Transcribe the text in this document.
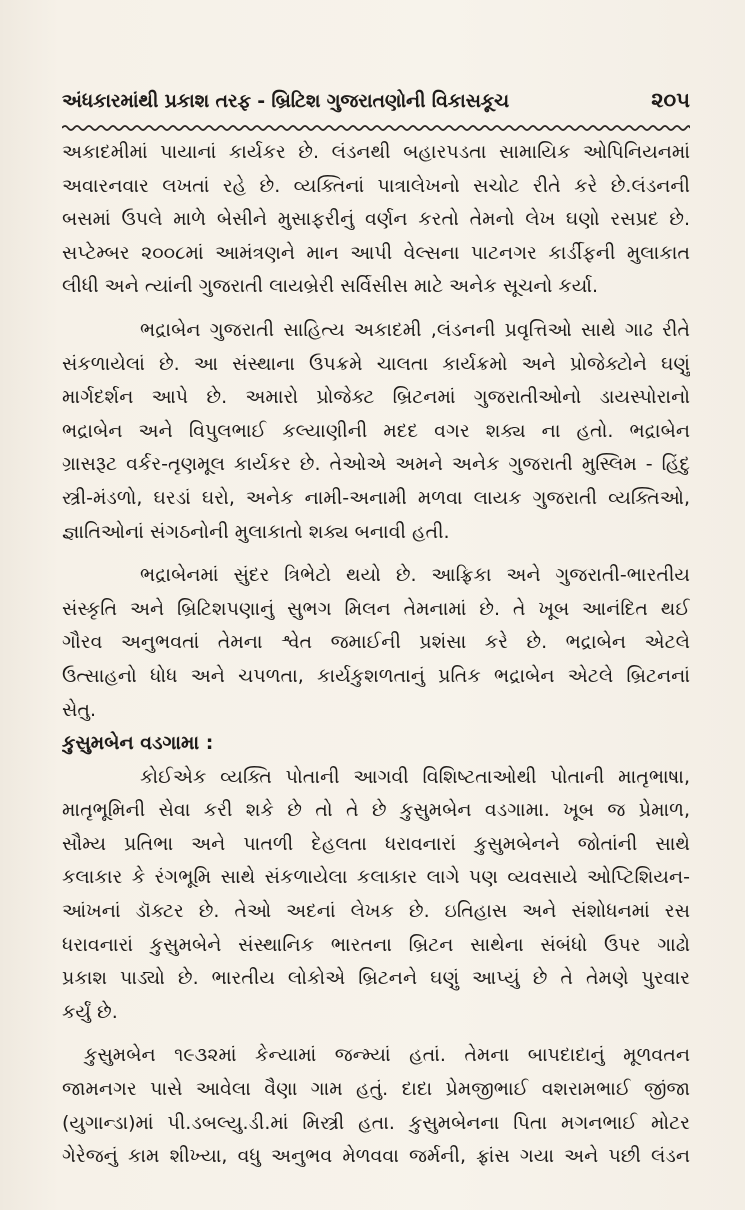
અંધકારમાંથી પ્રકાશ તરફ - બ્રિટિશ ગુજરાતણોની વિકાસકૂચ	૨૦૫

અકાદમીમાં પાયાનાં કાર્યકર છે. લંડનથી બહારપડતા સામાયિક ઓપિનિયનમાં

અવારનવાર લખતાં રહે છે. વ્યક્તિનાં પાત્રાલેખનો સચોટ રીતે કરે છે.લંડનની

બસમાં ઉપલે માળે બેસીને મુસાફરીનું વર્ણન કરતો તેમનો લેખ ઘણો રસપ્રદ છે.

સપ્ટેમ્બર ૨૦૦૮માં આમંત્રણને માન આપી વેલ્સના પાટનગર કાર્ડીફની મુલાકાત

લીધી અને ત્યાંની ગુજરાતી લાયબ્રેરી સર્વિસીસ માટે અનેક સૂચનો કર્યા.

ભદ્રાબેન ગુજરાતી સાહિત્ય અકાદમી ,લંડનની પ્રવૃત્તિઓ સાથે ગાઢ રીતે

સંકળાયેલાં છે. આ સંસ્થાના ઉપક્રમે ચાલતા કાર્યક્રમો અને પ્રોજેક્ટોને ઘણું

માર્ગદર્શન આપે છે. અમારો પ્રોજેક્ટ બ્રિટનમાં ગુજરાતીઓનો ડાયસ્પોરાનો

ભદ્રાબેન અને વિપુલભાઈ કલ્યાણીની મદદ વગર શક્ય ના હતો. ભદ્રાબેન

ગ્રાસરૂટ વર્કર-તૃણમૂલ કાર્યકર છે. તેઓએ અમને અનેક ગુજરાતી મુસ્લિમ - હિંદુ

સ્ત્રી-મંડળો, ઘરડાં ઘરો, અનેક નામી-અનામી મળવા લાયક ગુજરાતી વ્યક્તિઓ,

જ્ઞાતિઓનાં સંગઠનોની મુલાકાતો શક્ય બનાવી હતી.

ભદ્રાબેનમાં સુંદર ત્રિભેટો થયો છે. આફ્રિકા અને ગુજરાતી-ભારતીય

સંસ્કૃતિ અને બ્રિટિશપણાનું સુભગ મિલન તેમનામાં છે. તે ખૂબ આનંદિત થઈ

ગૌરવ અનુભવતાં તેમના શ્વેત જમાઈની પ્રશંસા કરે છે. ભદ્રાબેન એટલે

ઉત્સાહનો ધોધ અને ચપળતા, કાર્યકુશળતાનું પ્રતિક ભદ્રાબેન એટલે બ્રિટનનાં

સેતુ.

કુસુમબેન વડગામા :

કોઈએક વ્યક્તિ પોતાની આગવી વિશિષ્ટતાઓથી પોતાની માતૃભાષા,

માતૃભૂમિની સેવા કરી શકે છે તો તે છે કુસુમબેન વડગામા. ખૂબ જ પ્રેમાળ,

સૌમ્ય પ્રતિભા અને પાતળી દેહલતા ધરાવનારાં કુસુમબેનને જોતાંની સાથે

કલાકાર કે રંગભૂમિ સાથે સંકળાયેલા કલાકાર લાગે પણ વ્યવસાયે ઓપ્ટિશિયન-

આંખનાં ડૉક્ટર છે. તેઓ અદનાં લેખક છે. ઇતિહાસ અને સંશોધનમાં રસ

ધરાવનારાં કુસુમબેને સંસ્થાનિક ભારતના બ્રિટન સાથેના સંબંધો ઉપર ગાઢો

પ્રકાશ પાડ્યો છે. ભારતીય લોકોએ બ્રિટનને ઘણું આપ્યું છે તે તેમણે પુરવાર

કર્યું છે.

કુસુમબેન ૧૯૩૨માં કેન્યામાં જન્મ્યાં હતાં. તેમના બાપદાદાનું મૂળવતન

જામનગર પાસે આવેલા વૈણા ગામ હતું. દાદા પ્રેમજીભાઈ વશરામભાઈ જીંજા

(યુગાન્ડા)માં પી.ડબલ્યુ.ડી.માં મિસ્ત્રી હતા. કુસુમબેનના પિતા મગનભાઈ મોટર

ગેરેજનું કામ શીખ્યા, વધુ અનુભવ મેળવવા જર્મની, ફ્રાંસ ગયા અને પછી લંડન
